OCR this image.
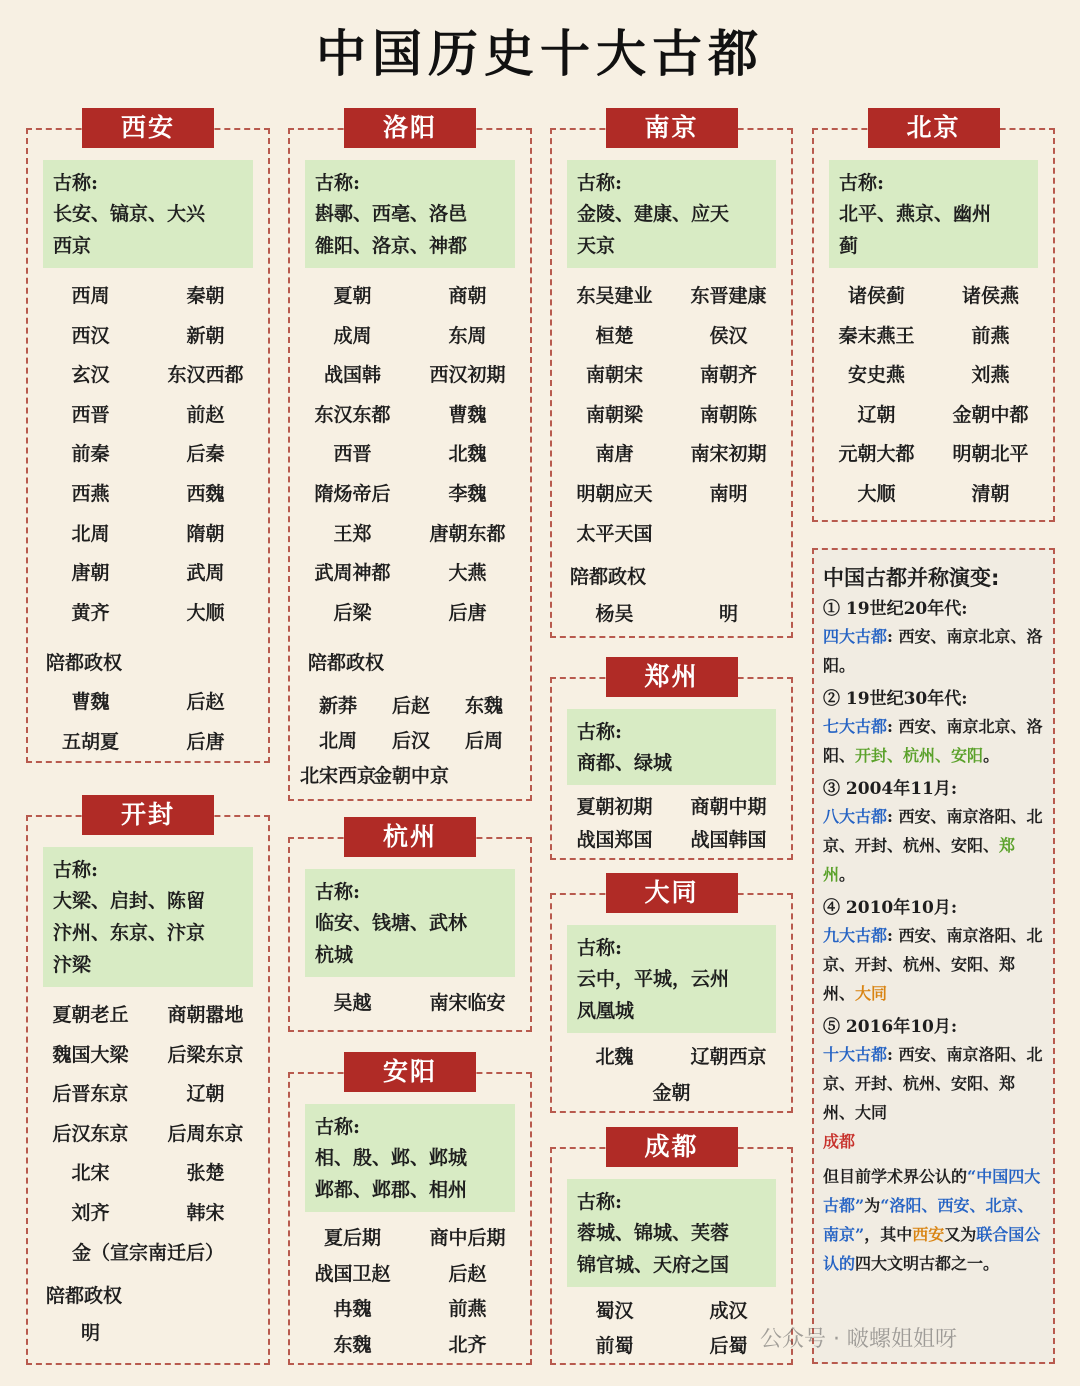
中国历史十大古都
西安
古称:
长安、镐京、大兴
西京
陪都政权
西周	秦朝
西汉	新朝
玄汉	东汉西都
西晋	前赵
前秦	后秦
西燕	西魏
北周	隋朝
唐朝	武周
黄齐	大顺
曹魏	后赵
五胡夏	后唐
洛阳
古称:
斟鄩、西亳、洛邑
雒阳、洛京、神都
陪都政权
夏朝	商朝
成周	东周
战国韩	西汉初期
东汉东都	曹魏
西晋	北魏
隋炀帝后	李魏
王郑	唐朝东都
武周神都	大燕
后梁	后唐
新莽	后赵	东魏
北周	后汉	后周
北宋西京
金朝中京
南京
古称:
金陵、建康、应天
天京
陪都政权
东吴建业	东晋建康
桓楚	侯汉
南朝宋	南朝齐
南朝梁	南朝陈
南唐	南宋初期
明朝应天	南明
太平天国
杨吴	明
北京
古称:
北平、燕京、幽州
蓟
诸侯蓟	诸侯燕
秦末燕王	前燕
安史燕	刘燕
辽朝	金朝中都
元朝大都	明朝北平
大顺	清朝
开封
古称:
大梁、启封、陈留
汴州、东京、汴京
汴梁
金（宣宗南迁后）
陪都政权
夏朝老丘	商朝嚣地
魏国大梁	后梁东京
后晋东京	辽朝
后汉东京	后周东京
北宋	张楚
刘齐	韩宋
明
杭州
古称:
临安、钱塘、武林
杭城
吴越	南宋临安
安阳
古称:
相、殷、邺、邺城
邺都、邺郡、相州
夏后期	商中后期
战国卫赵	后赵
冉魏	前燕
东魏	北齐
郑州
古称:
商都、绿城
夏朝初期	商朝中期
战国郑国	战国韩国
大同
古称:
云中，平城，云州
凤凰城
北魏	辽朝西京
金朝
成都
古称:
蓉城、锦城、芙蓉
锦官城、天府之国
蜀汉	成汉
前蜀	后蜀
中国古都并称演变:
① 19世纪20年代:
四大古都: 西安、南京北京、洛阳。
② 19世纪30年代:
七大古都: 西安、南京北京、洛阳、开封、杭州、安阳。
③ 2004年11月:
八大古都: 西安、南京洛阳、北京、开封、杭州、安阳、郑州。
④ 2010年10月:
九大古都: 西安、南京洛阳、北京、开封、杭州、安阳、郑州、大同
⑤ 2016年10月:
十大古都: 西安、南京洛阳、北京、开封、杭州、安阳、郑州、大同
成都
但目前学术界公认的“中国四大古都”为“洛阳、西安、北京、南京”，其中西安又为联合国公认的四大文明古都之一。
公众号 · 啵螺姐姐呀
